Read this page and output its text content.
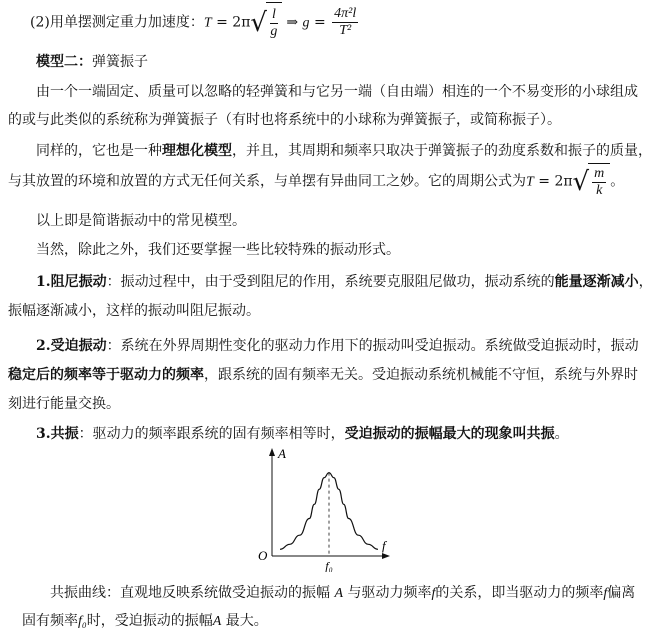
(2)用单摆测定重力加速度：$T = 2\pi√ \frac{l}{g}$ ⇒ $g = \frac{\text{4π²l}}{\text{T²}}$
模型二：弹簧振子
由一个一端固定、质量可以忽略的轻弹簧和与它另一端（自由端）相连的一个不易变形的小球组成
的或与此类似的系统称为弹簧振子（有时也将系统中的小球称为弹簧振子，或简称振子）。
同样的，它也是一种理想化模型，并且，其周期和频率只取决于弹簧振子的劲度系数和振子的质量，
与其放置的环境和放置的方式无任何关系，与单摆有异曲同工之妙。它的周期公式为$T = 2\pi√ \frac{m}{k}$ 。
以上即是简谐振动中的常见模型。
当然，除此之外，我们还要掌握一些比较特殊的振动形式。
1.阻尼振动：振动过程中，由于受到阻尼的作用，系统要克服阻尼做功，振动系统的能量逐渐减小，
振幅逐渐减小，这样的振动叫阻尼振动。
2.受迫振动：系统在外界周期性变化的驱动力作用下的振动叫受迫振动。系统做受迫振动时，振动
稳定后的频率等于驱动力的频率，跟系统的固有频率无关。受迫振动系统机械能不守恒，系统与外界时
刻进行能量交换。
3.共振：驱动力的频率跟系统的固有频率相等时，受迫振动的振幅最大的现象叫共振。
A
f
O
f₀
共振曲线：直观地反映系统做受迫振动的振幅 A 与驱动力频率f的关系，即当驱动力的频率f偏离
固有频率f₀时，受迫振动的振幅A 最大。
